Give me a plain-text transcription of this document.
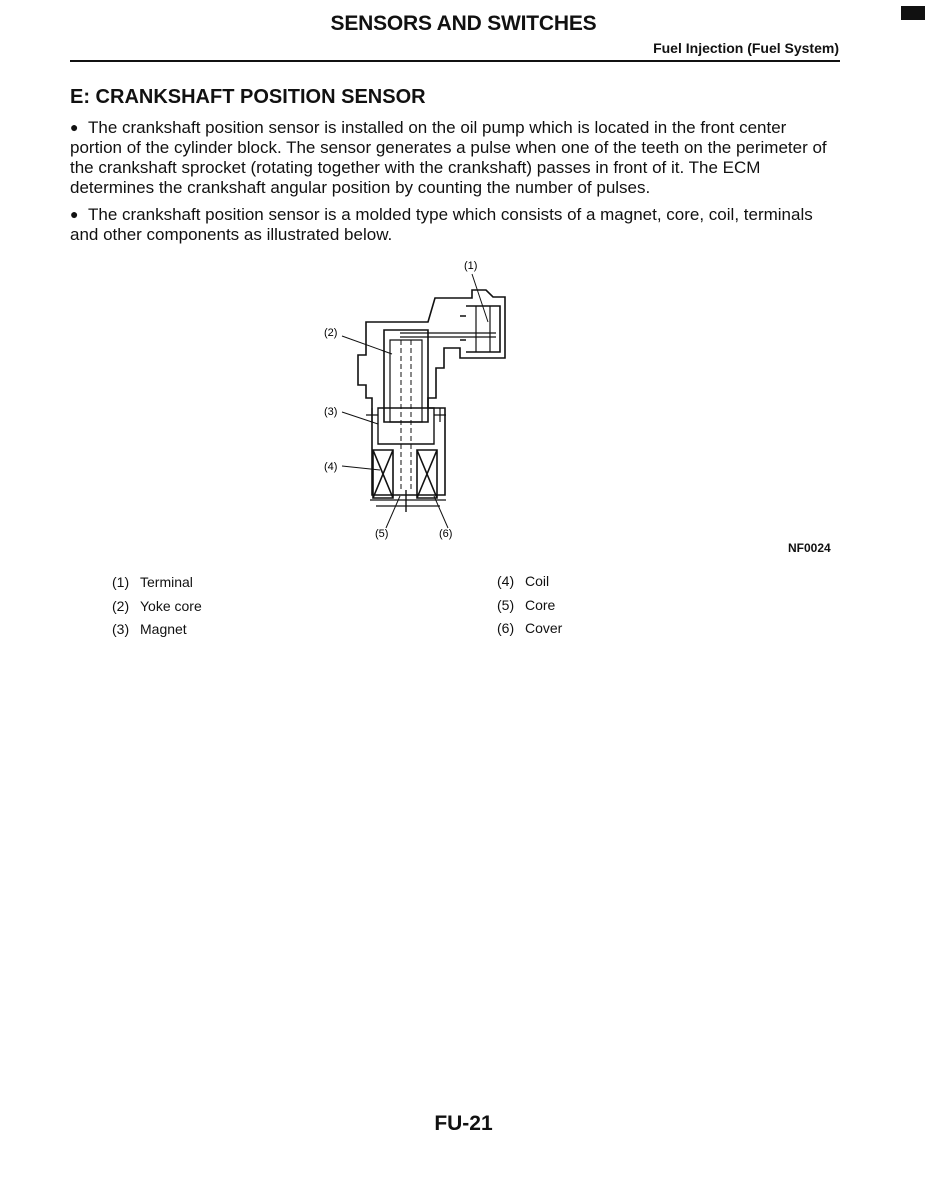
SENSORS AND SWITCHES
Fuel Injection (Fuel System)
E: CRANKSHAFT POSITION SENSOR
● The crankshaft position sensor is installed on the oil pump which is located in the front center portion of the cylinder block. The sensor generates a pulse when one of the teeth on the perimeter of the crankshaft sprocket (rotating together with the crankshaft) passes in front of it. The ECM determines the crankshaft angular position by counting the number of pulses.
● The crankshaft position sensor is a molded type which consists of a magnet, core, coil, terminals and other components as illustrated below.
(1)
(2)
(3)
(4)
(5)	(6)
NF0024
(1) Terminal
(2) Yoke core
(3) Magnet
(4) Coil
(5) Core
(6) Cover
FU-21
